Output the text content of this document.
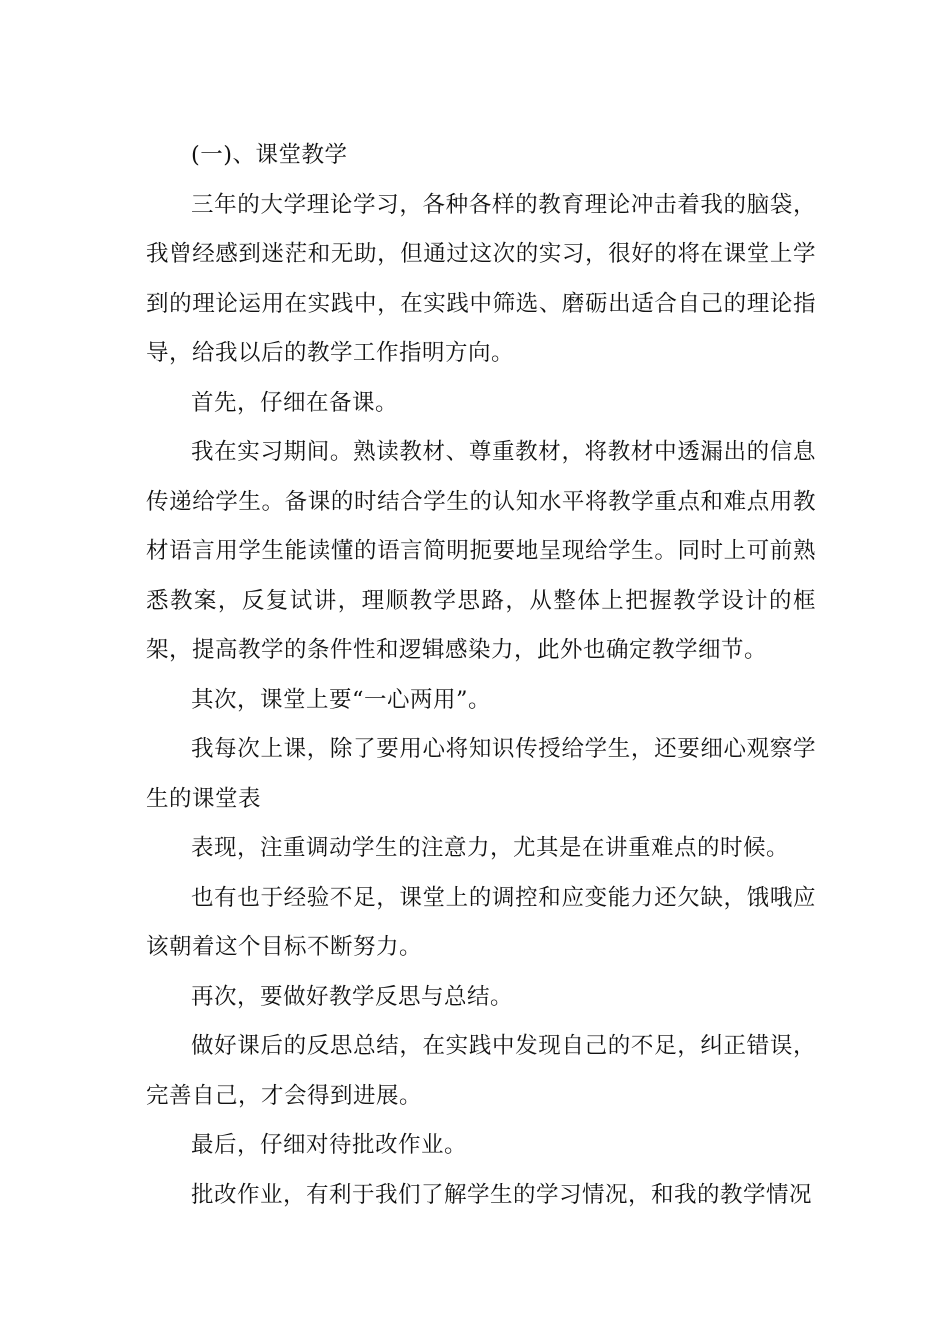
(一)、课堂教学

三年的大学理论学习，各种各样的教育理论冲击着我的脑袋，我曾经感到迷茫和无助，但通过这次的实习，很好的将在课堂上学到的理论运用在实践中，在实践中筛选、磨砺出适合自己的理论指导，给我以后的教学工作指明方向。

首先，仔细在备课。

我在实习期间。熟读教材、尊重教材，将教材中透漏出的信息传递给学生。备课的时结合学生的认知水平将教学重点和难点用教材语言用学生能读懂的语言简明扼要地呈现给学生。同时上可前熟悉教案，反复试讲，理顺教学思路，从整体上把握教学设计的框架，提高教学的条件性和逻辑感染力，此外也确定教学细节。

其次，课堂上要“一心两用”。

我每次上课，除了要用心将知识传授给学生，还要细心观察学生的课堂表

表现，注重调动学生的注意力，尤其是在讲重难点的时候。

也有也于经验不足，课堂上的调控和应变能力还欠缺，饿哦应该朝着这个目标不断努力。

再次，要做好教学反思与总结。

做好课后的反思总结，在实践中发现自己的不足，纠正错误，完善自己，才会得到进展。

最后，仔细对待批改作业。

批改作业，有利于我们了解学生的学习情况，和我的教学情况
